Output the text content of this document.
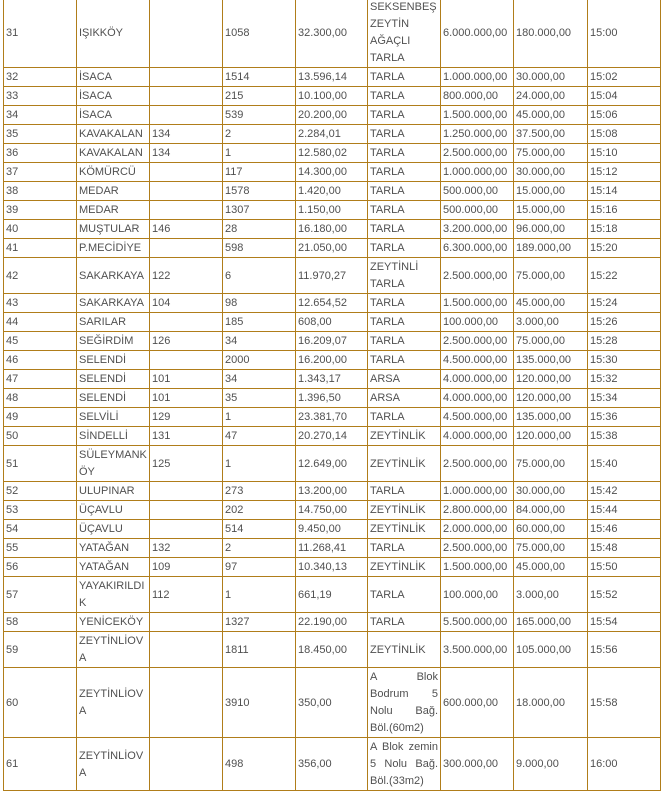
31	IŞIKKÖY		1058	32.300,00	SEKSENBEŞ ZEYTİN AĞAÇLI TARLA	6.000.000,00	180.000,00	15:00
32	İSACA		1514	13.596,14	TARLA	1.000.000,00	30.000,00	15:02
33	İSACA		215	10.100,00	TARLA	800.000,00	24.000,00	15:04
34	İSACA		539	20.200,00	TARLA	1.500.000,00	45.000,00	15:06
35	KAVAKALAN	134	2	2.284,01	TARLA	1.250.000,00	37.500,00	15:08
36	KAVAKALAN	134	1	12.580,02	TARLA	2.500.000,00	75.000,00	15:10
37	KÖMÜRCÜ		117	14.300,00	TARLA	1.000.000,00	30.000,00	15:12
38	MEDAR		1578	1.420,00	TARLA	500.000,00	15.000,00	15:14
39	MEDAR		1307	1.150,00	TARLA	500.000,00	15.000,00	15:16
40	MUŞTULAR	146	28	16.180,00	TARLA	3.200.000,00	96.000,00	15:18
41	P.MECİDİYE		598	21.050,00	TARLA	6.300.000,00	189.000,00	15:20
42	SAKARKAYA	122	6	11.970,27	ZEYTİNLİ TARLA	2.500.000,00	75.000,00	15:22
43	SAKARKAYA	104	98	12.654,52	TARLA	1.500.000,00	45.000,00	15:24
44	SARILAR		185	608,00	TARLA	100.000,00	3.000,00	15:26
45	SEĞİRDİM	126	34	16.209,07	TARLA	2.500.000,00	75.000,00	15:28
46	SELENDİ		2000	16.200,00	TARLA	4.500.000,00	135.000,00	15:30
47	SELENDİ	101	34	1.343,17	ARSA	4.000.000,00	120.000,00	15:32
48	SELENDİ	101	35	1.396,50	ARSA	4.000.000,00	120.000,00	15:34
49	SELVİLİ	129	1	23.381,70	TARLA	4.500.000,00	135.000,00	15:36
50	SİNDELLİ	131	47	20.270,14	ZEYTİNLİK	4.000.000,00	120.000,00	15:38
51	SÜLEYMANKÖY	125	1	12.649,00	ZEYTİNLİK	2.500.000,00	75.000,00	15:40
52	ULUPINAR		273	13.200,00	TARLA	1.000.000,00	30.000,00	15:42
53	ÜÇAVLU		202	14.750,00	ZEYTİNLİK	2.800.000,00	84.000,00	15:44
54	ÜÇAVLU		514	9.450,00	ZEYTİNLİK	2.000.000,00	60.000,00	15:46
55	YATAĞAN	132	2	11.268,41	TARLA	2.500.000,00	75.000,00	15:48
56	YATAĞAN	109	97	10.340,13	ZEYTİNLİK	1.500.000,00	45.000,00	15:50
57	YAYAKIRILDIK	112	1	661,19	TARLA	100.000,00	3.000,00	15:52
58	YENİCEKÖY		1327	22.190,00	TARLA	5.500.000,00	165.000,00	15:54
59	ZEYTİNLİOVA		1811	18.450,00	ZEYTİNLİK	3.500.000,00	105.000,00	15:56
60	ZEYTİNLİOVA		3910	350,00	A Blok Bodrum 5 Nolu Bağ. Böl.(60m2)	600.000,00	18.000,00	15:58
61	ZEYTİNLİOVA		498	356,00	A Blok zemin 5 Nolu Bağ. Böl.(33m2)	300.000,00	9.000,00	16:00
